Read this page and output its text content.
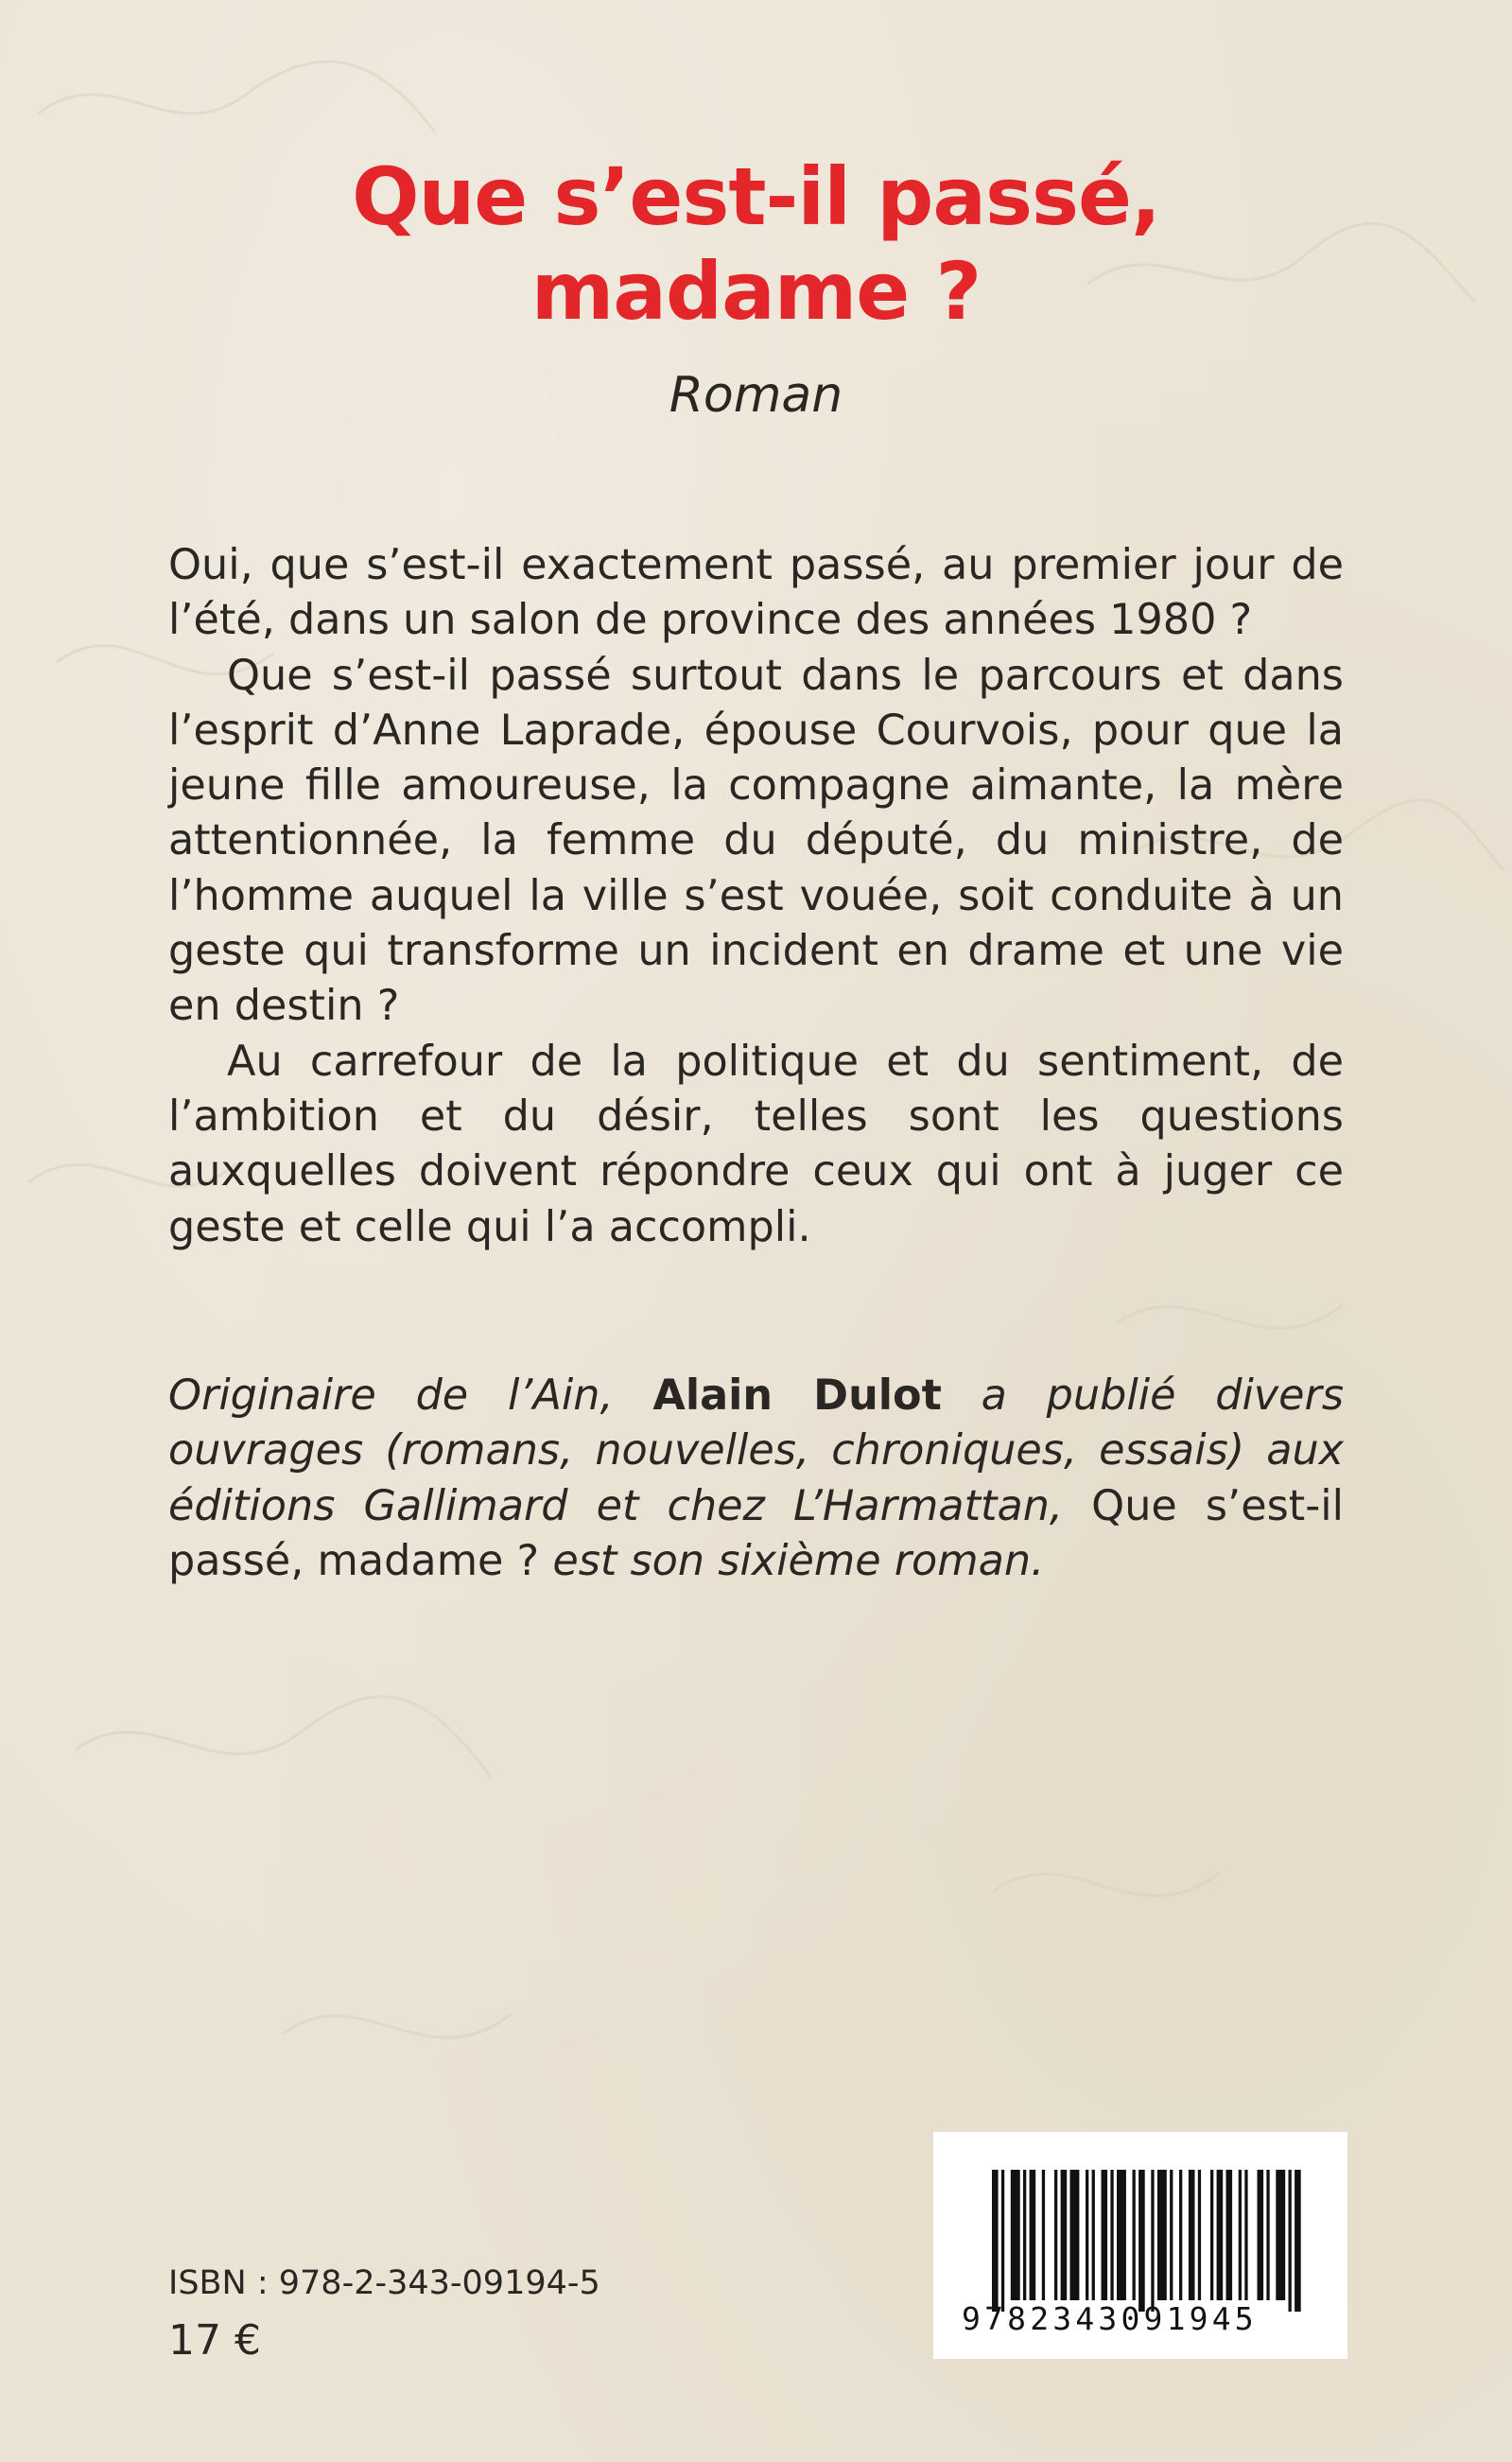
Que s’est-il passé,
madame ?
Roman

Oui, que s’est-il exactement passé, au premier jour de l’été, dans un salon de province des années 1980 ?

Que s’est-il passé surtout dans le parcours et dans l’esprit d’Anne Laprade, épouse Courvois, pour que la jeune fille amoureuse, la compagne aimante, la mère attentionnée, la femme du député, du ministre, de l’homme auquel la ville s’est vouée, soit conduite à un geste qui transforme un incident en drame et une vie en destin ?

Au carrefour de la politique et du sentiment, de l’ambition et du désir, telles sont les questions auxquelles doivent répondre ceux qui ont à juger ce geste et celle qui l’a accompli.

Originaire de l’Ain, Alain Dulot a publié divers ouvrages (romans, nouvelles, chroniques, essais) aux éditions Gallimard et chez L’Harmattan, Que s’est-il passé, madame ? est son sixième roman.

ISBN : 978-2-343-09194-5
17 €	9782343091945
